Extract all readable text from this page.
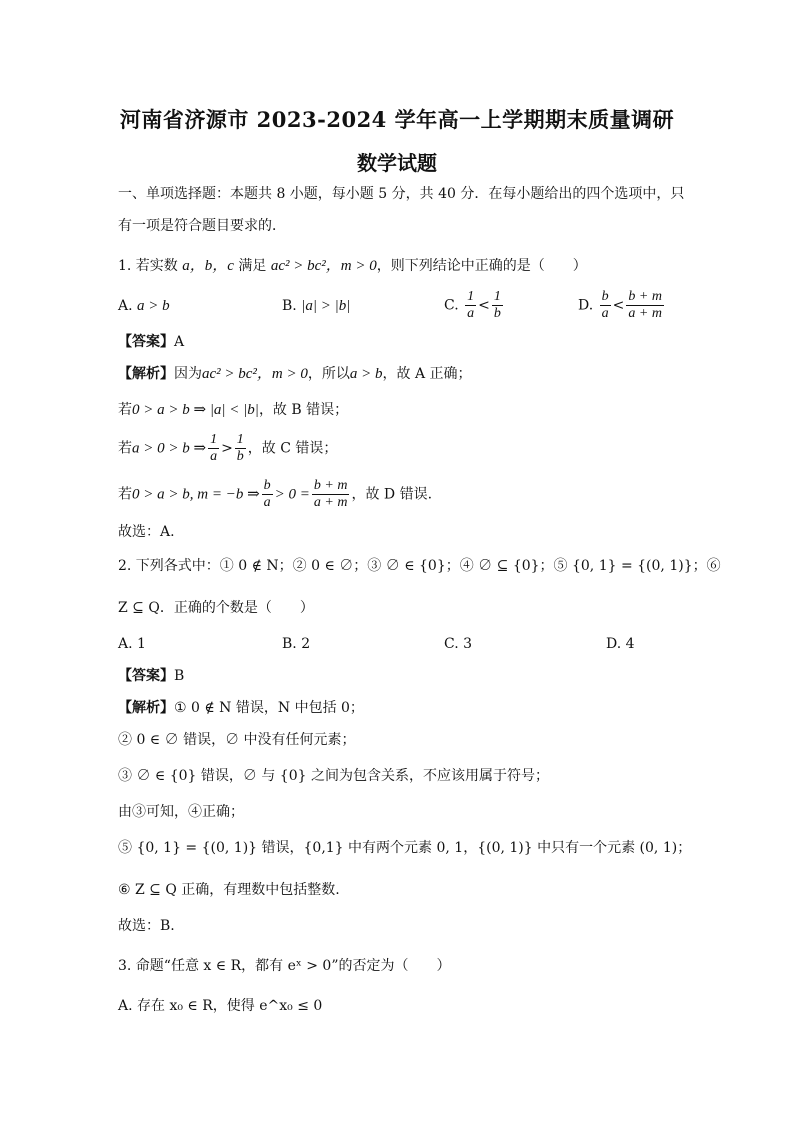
河南省济源市 2023-2024 学年高一上学期期末质量调研
数学试题
一、单项选择题：本题共 8 小题，每小题 5 分，共 40 分．在每小题给出的四个选项中，只
有一项是符合题目要求的．
1. 若实数 a，b，c 满足 ac² > bc²，m > 0，则下列结论中正确的是（　　）
A. a > b	B. |a| > |b|	C. $\frac{1}{a} < \frac{1}{b}$	D. $\frac{b}{a} < \frac{b + m}{a + m}$
【答案】A
【解析】因为ac² > bc²，m > 0，所以a > b，故 A 正确；
若0 > a > b ⇒ |a| < |b|，故 B 错误；
若a > 0 > b ⇒ $\frac{1}{a} > \frac{1}{b}$ ，故 C 错误；
若0 > a > b, m = −b ⇒ $\frac{b}{a} > 0 = \frac{b + m}{a + m}$ ，故 D 错误.
故选：A.
2. 下列各式中：① 0 ∉ N；② 0 ∈ ∅；③ ∅ ∈ {0}；④ ∅ ⊆ {0}；⑤ {0, 1} = {(0, 1)}；⑥
Z ⊆ Q．正确的个数是（　　）
A. 1	B. 2	C. 3	D. 4
【答案】B
【解析】① 0 ∉ N 错误，N 中包括 0；
② 0 ∈ ∅ 错误，∅ 中没有任何元素；
③ ∅ ∈ {0} 错误，∅ 与 {0} 之间为包含关系，不应该用属于符号；
由③可知，④正确；
⑤ {0, 1} = {(0, 1)} 错误，{0,1} 中有两个元素 0, 1，{(0, 1)} 中只有一个元素 (0, 1)；
⑥ Z ⊆ Q 正确，有理数中包括整数.
故选：B.
3. 命题“任意 x ∈ R，都有 eˣ > 0”的否定为（　　）
A. 存在 x₀ ∈ R，使得 e^x₀ ≤ 0
